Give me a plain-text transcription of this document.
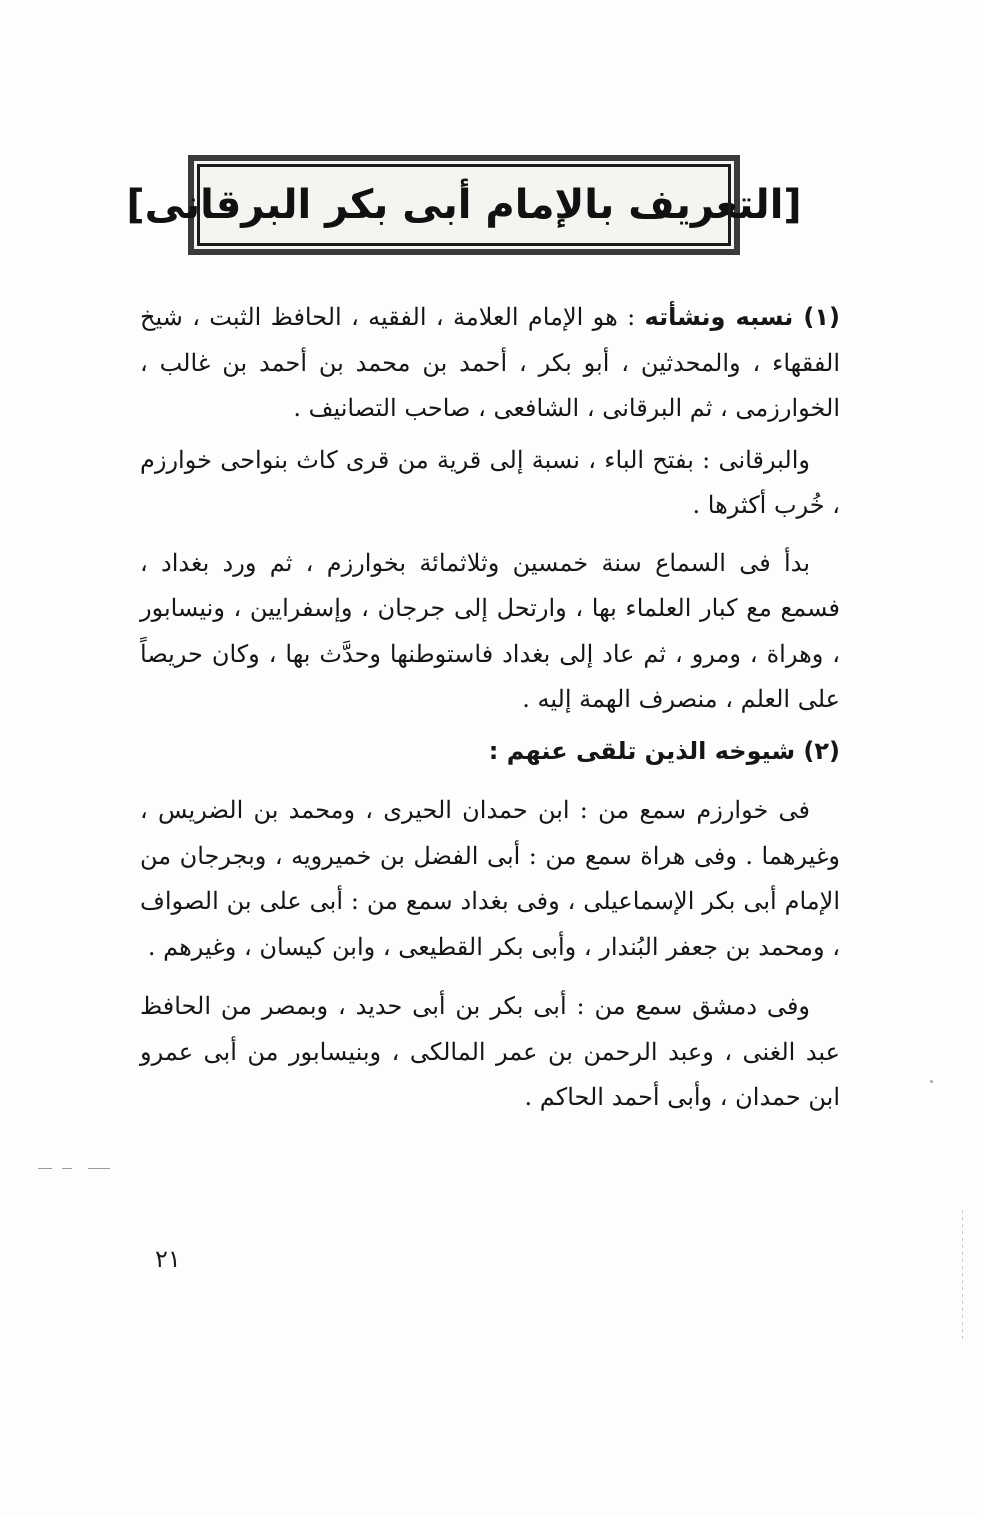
[التعريف بالإمام أبى بكر البرقانى]

(١) نسبه ونشأته : هو الإمام العلامة ، الفقيه ، الحافظ الثبت ، شيخ الفقهاء ، والمحدثين ، أبو بكر ، أحمد بن محمد بن أحمد بن غالب ، الخوارزمى ، ثم البرقانى ، الشافعى ، صاحب التصانيف .

والبرقانى : بفتح الباء ، نسبة إلى قرية من قرى كاث بنواحى خوارزم ، خُرب أكثرها .

بدأ فى السماع سنة خمسين وثلاثمائة بخوارزم ، ثم ورد بغداد ، فسمع مع كبار العلماء بها ، وارتحل إلى جرجان ، وإسفرايين ، ونيسابور ، وهراة ، ومرو ، ثم عاد إلى بغداد فاستوطنها وحدَّث بها ، وكان حريصاً على العلم ، منصرف الهمة إليه .

(٢) شيوخه الذين تلقى عنهم :

فى خوارزم سمع من : ابن حمدان الحيرى ، ومحمد بن الضريس ، وغيرهما . وفى هراة سمع من : أبى الفضل بن خميرويه ، وبجرجان من الإمام أبى بكر الإسماعيلى ، وفى بغداد سمع من : أبى على بن الصواف ، ومحمد بن جعفر البُندار ، وأبى بكر القطيعى ، وابن كيسان ، وغيرهم .

وفى دمشق سمع من : أبى بكر بن أبى حديد ، وبمصر من الحافظ عبد الغنى ، وعبد الرحمن بن عمر المالكى ، وبنيسابور من أبى عمرو ابن حمدان ، وأبى أحمد الحاكم .

٢١
